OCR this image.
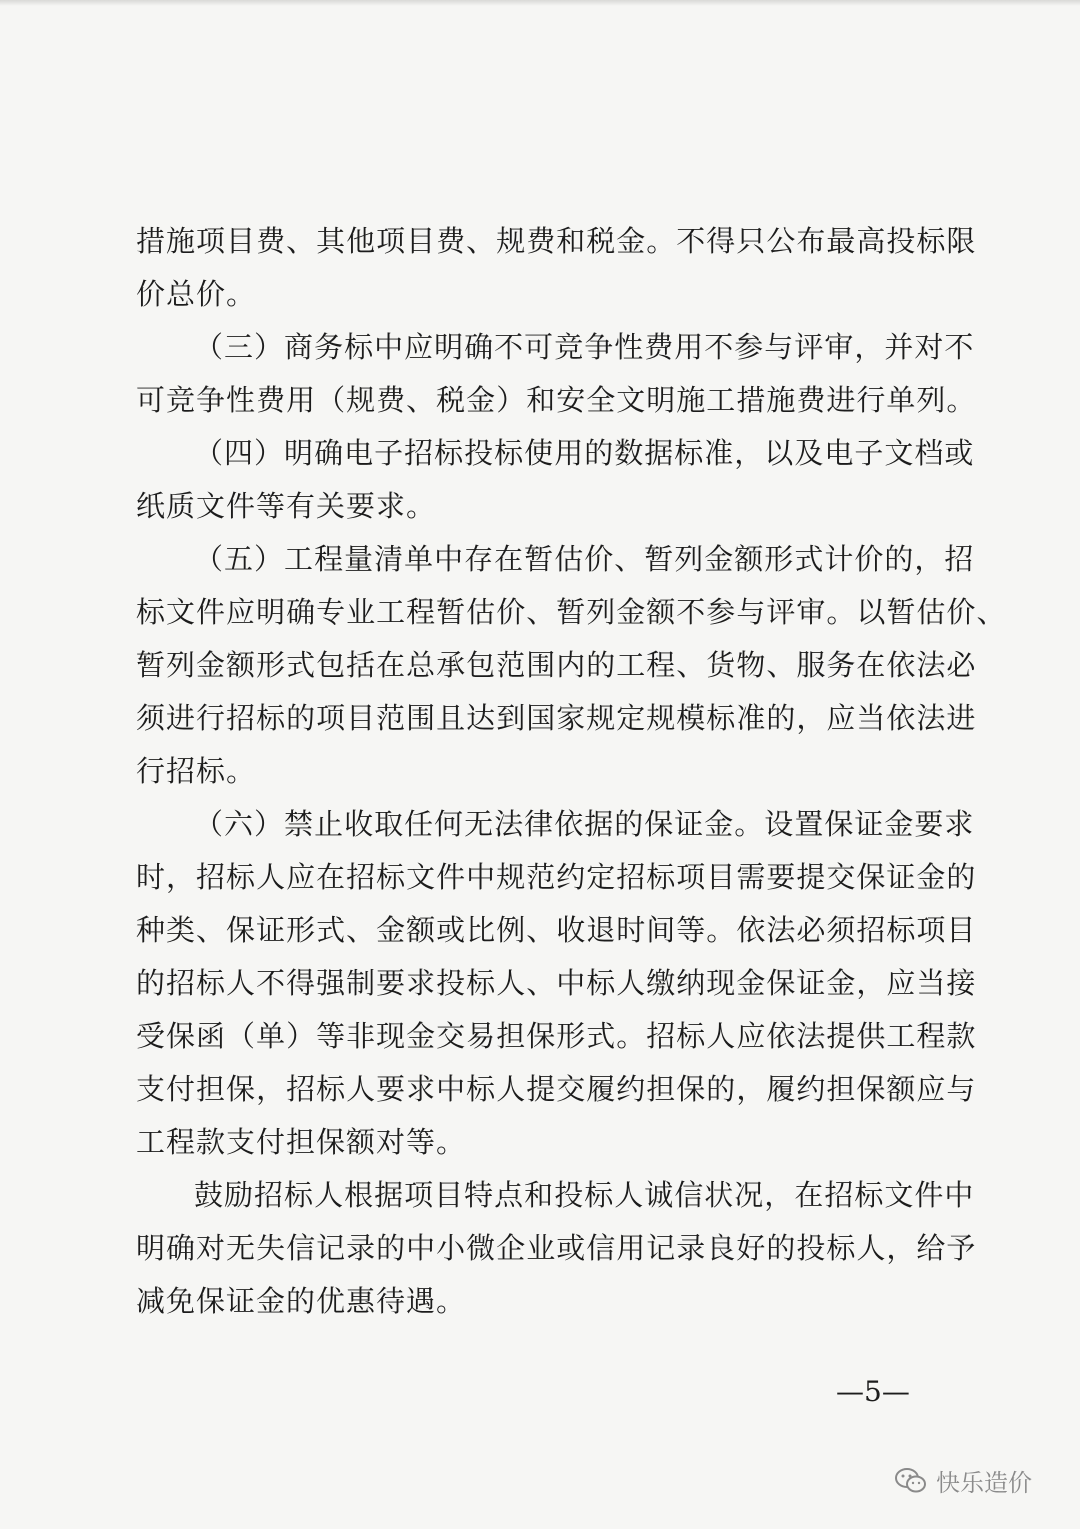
措 施 项 目 费 、 其 他 项 目 费 、 规 费 和 税 金 。 不 得 只 公 布 最 高 投 标 限
价总价。
（ 三 ） 商 务 标 中 应 明 确 不 可 竞 争 性 费 用 不 参 与 评 审 ， 并 对 不
可 竞 争 性 费 用 （ 规 费 、 税 金 ） 和 安 全 文 明 施 工 措 施 费 进 行 单 列 。
（ 四 ） 明 确 电 子 招 标 投 标 使 用 的 数 据 标 准 ， 以 及 电 子 文 档 或
纸质文件等有关要求。
（ 五 ） 工 程 量 清 单 中 存 在 暂 估 价 、 暂 列 金 额 形 式 计 价 的 ， 招
标 文 件 应 明 确 专 业 工 程 暂 估 价 、 暂 列 金 额 不 参 与 评 审 。 以 暂 估 价 、
暂 列 金 额 形 式 包 括 在 总 承 包 范 围 内 的 工 程 、 货 物 、 服 务 在 依 法 必
须 进 行 招 标 的 项 目 范 围 且 达 到 国 家 规 定 规 模 标 准 的 ， 应 当 依 法 进
行招标。
（ 六 ） 禁 止 收 取 任 何 无 法 律 依 据 的 保 证 金 。 设 置 保 证 金 要 求
时 ， 招 标 人 应 在 招 标 文 件 中 规 范 约 定 招 标 项 目 需 要 提 交 保 证 金 的
种 类 、 保 证 形 式 、 金 额 或 比 例 、 收 退 时 间 等 。 依 法 必 须 招 标 项 目
的 招 标 人 不 得 强 制 要 求 投 标 人 、 中 标 人 缴 纳 现 金 保 证 金 ， 应 当 接
受 保 函 （ 单 ） 等 非 现 金 交 易 担 保 形 式 。 招 标 人 应 依 法 提 供 工 程 款
支 付 担 保 ， 招 标 人 要 求 中 标 人 提 交 履 约 担 保 的 ， 履 约 担 保 额 应 与
工程款支付担保额对等。
鼓 励 招 标 人 根 据 项 目 特 点 和 投 标 人 诚 信 状 况 ， 在 招 标 文 件 中
明 确 对 无 失 信 记 录 的 中 小 微 企 业 或 信 用 记 录 良 好 的 投 标 人 ， 给 予
减免保证金的优惠待遇。
—5—
快乐造价
